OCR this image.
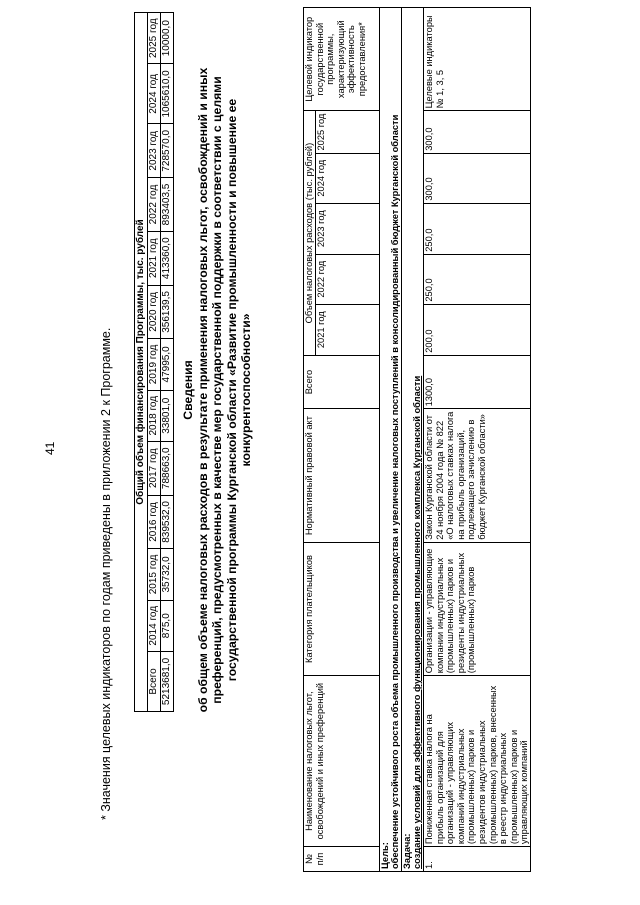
41	* Значения целевых индикаторов по годам приведены в приложении 2 к Программе. Общий объем финансирования Программы, тыс. рублей												
Всего	2014 год	2015 год	2016 год	2017 год	2018 год	2019 год	2020 год	2021 год	2022 год	2023 год	2024 год	2025 год
5213681,0	875,0	35732,0	839532,0	788663,0	33801,0	47995,0	356139,5	413360,0	893403,5	728570,0	1065610,0	10000,0
Сведения об общем объеме налоговых расходов в результате применения налоговых льгот, освобождений и иных преференций, предусмотренных в качестве мер государственной поддержки в соответствии с целями государственной программы Курганской области «Развитие промышленности и повышение ее конкурентоспособности»
№ п/п	Наименование налоговых льгот, освобождений и иных преференций	Категория плательщиков	Нормативный правовой акт	Всего	Объем налоговых расходов (тыс. рублей)					Целевой индикатор государственной программы, характеризующий эффективность предоставления*
					2021 год	2022 год	2023 год	2024 год	2025 год	

Цель: обеспечение устойчивого роста объема промышленного производства и увеличение налоговых поступлений в консолидированный бюджет Курганской области										

Задача: создание условий для эффективного функционирования промышленного комплекса Курганской области										

1.	Пониженная ставка налога на прибыль организаций для организаций - управляющих компаний индустриальных (промышленных) парков и резидентов индустриальных (промышленных) парков, внесенных в реестр индустриальных (промышленных) парков и управляющих компаний	Организации - управляющие компании индустриальных (промышленных) парков и резиденты индустриальных (промышленных) парков	Закон Курганской области от 24 ноября 2004 года № 822 «О налоговых ставках налога на прибыль организаций, подлежащего зачислению в бюджет Курганской области»	1300,0	200,0	250,0	250,0	300,0	300,0	Целевые индикаторы № 1, 3, 5
